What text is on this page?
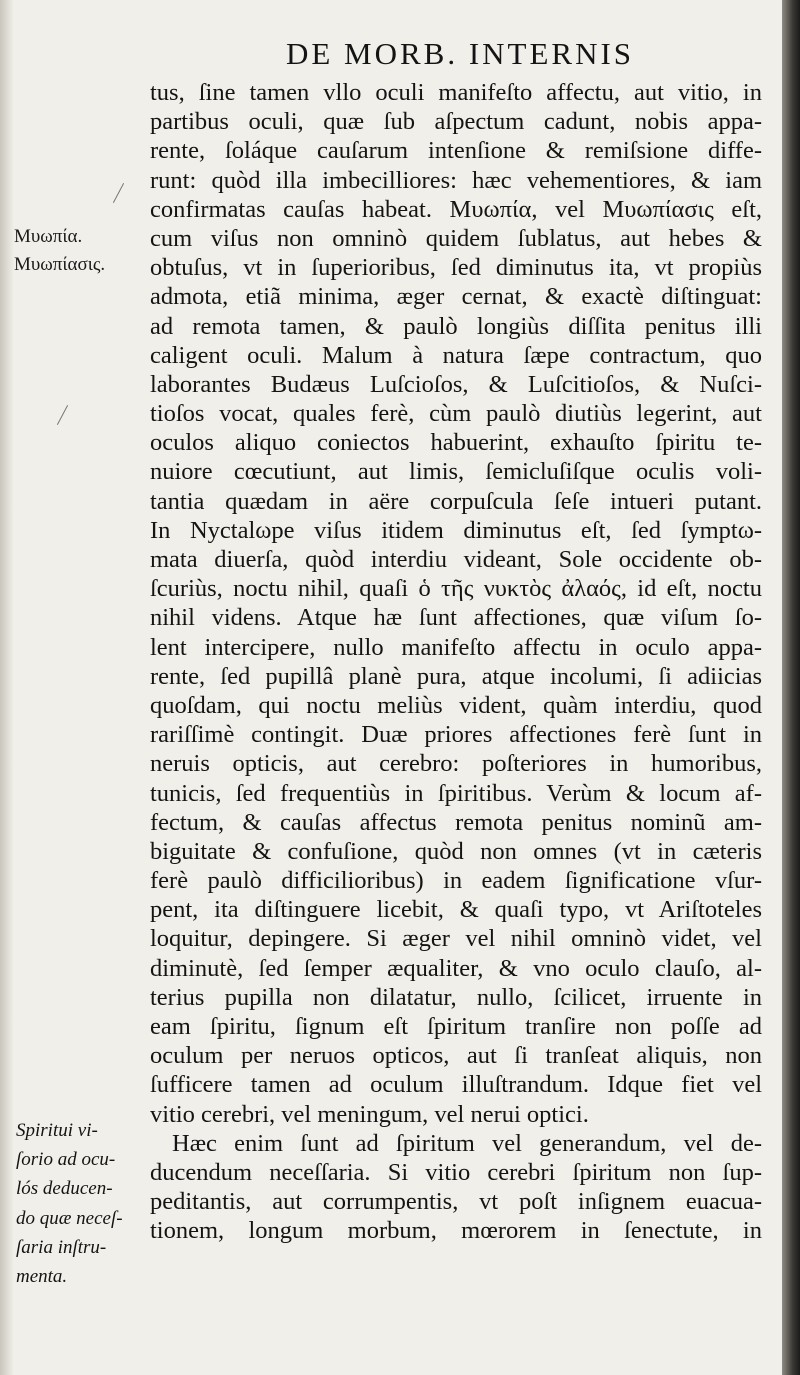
DE MORB. INTERNIS
Μυωπία.
Μυωπίασις.
Spiritui vi-
ſorio ad ocu-
lós deducen-
do quæ neceſ-
ſaria inſtru-
menta.
tus, ſine tamen vllo oculi manifeſto affectu, aut vitio, in
partibus oculi, quæ ſub aſpectum cadunt, nobis appa-
rente, ſoláque cauſarum intenſione & remiſsione diffe-
runt: quòd illa imbecilliores: hæc vehementiores, & iam
confirmatas cauſas habeat. Μυωπία, vel Μυωπίασις eſt,
cum viſus non omninò quidem ſublatus, aut hebes &
obtuſus, vt in ſuperioribus, ſed diminutus ita, vt propiùs
admota, etiã minima, æger cernat, & exactè diſtinguat:
ad remota tamen, & paulò longiùs diſſita penitus illi
caligent oculi. Malum à natura ſæpe contractum, quo
laborantes Budæus Luſcioſos, & Luſcitioſos, & Nuſci-
tioſos vocat, quales ferè, cùm paulò diutiùs legerint, aut
oculos aliquo coniectos habuerint, exhauſto ſpiritu te-
nuiore cœcutiunt, aut limis, ſemicluſiſque oculis voli-
tantia quædam in aëre corpuſcula ſeſe intueri putant.
In Nyctalωpe viſus itidem diminutus eſt, ſed ſymptω-
mata diuerſa, quòd interdiu videant, Sole occidente ob-
ſcuriùs, noctu nihil, quaſi ὁ τῆς νυκτὸς ἀλαός, id eſt, noctu
nihil videns. Atque hæ ſunt affectiones, quæ viſum ſo-
lent intercipere, nullo manifeſto affectu in oculo appa-
rente, ſed pupillâ planè pura, atque incolumi, ſi adiicias
quoſdam, qui noctu meliùs vident, quàm interdiu, quod
rariſſimè contingit. Duæ priores affectiones ferè ſunt in
neruis opticis, aut cerebro: poſteriores in humoribus,
tunicis, ſed frequentiùs in ſpiritibus. Verùm & locum af-
fectum, & cauſas affectus remota penitus nominũ am-
biguitate & confuſione, quòd non omnes (vt in cæteris
ferè paulò difficilioribus) in eadem ſignificatione vſur-
pent, ita diſtinguere licebit, & quaſi typo, vt Ariſtoteles
loquitur, depingere. Si æger vel nihil omninò videt, vel
diminutè, ſed ſemper æqualiter, & vno oculo clauſo, al-
terius pupilla non dilatatur, nullo, ſcilicet, irruente in
eam ſpiritu, ſignum eſt ſpiritum tranſire non poſſe ad
oculum per neruos opticos, aut ſi tranſeat aliquis, non
ſufficere tamen ad oculum illuſtrandum. Idque fiet vel
vitio cerebri, vel meningum, vel nerui optici.
Hæc enim ſunt ad ſpiritum vel generandum, vel de-
ducendum neceſſaria. Si vitio cerebri ſpiritum non ſup-
peditantis, aut corrumpentis, vt poſt inſignem euacua-
tionem, longum morbum, mœrorem in ſenectute, in
